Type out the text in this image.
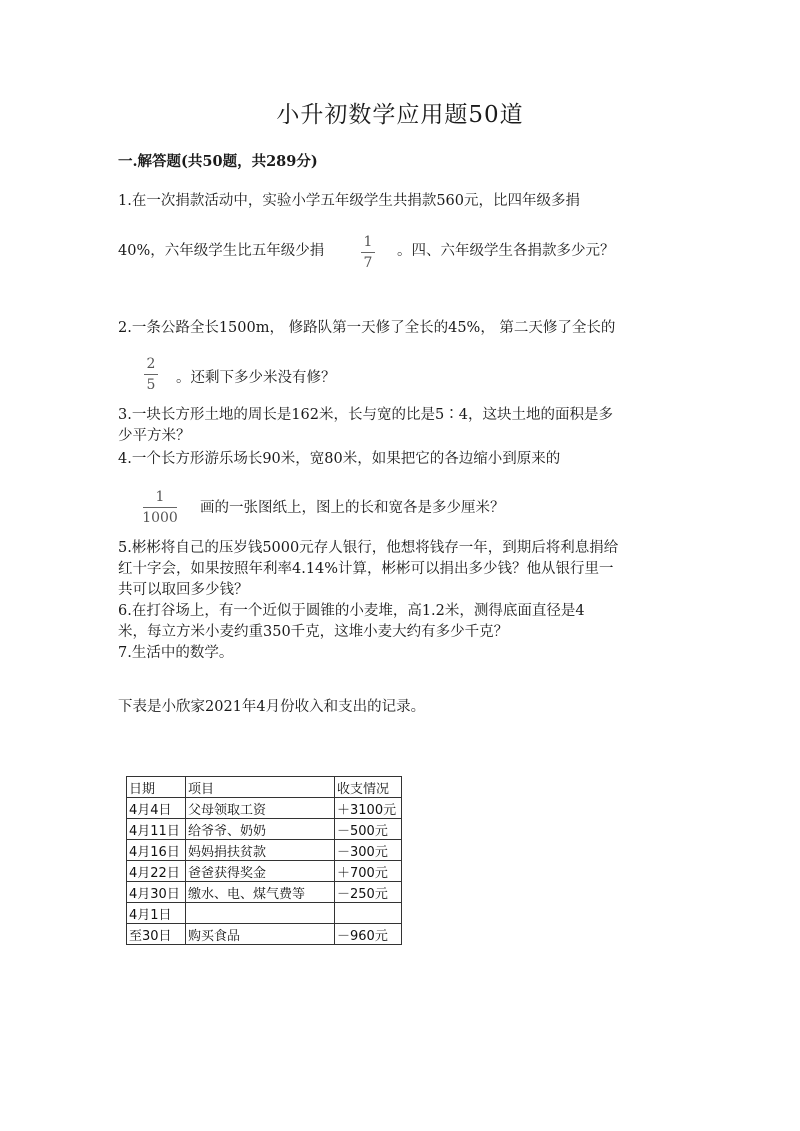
小升初数学应用题50道
一.解答题(共50题，共289分)
1.在一次捐款活动中，实验小学五年级学生共捐款560元，比四年级多捐
40%，六年级学生比五年级少捐
1
7
。四、六年级学生各捐款多少元？
2.一条公路全长1500m， 修路队第一天修了全长的45%， 第二天修了全长的
2
5 。还剩下多少米没有修？
3.一块长方形土地的周长是162米，长与宽的比是5∶4，这块土地的面积是多
少平方米？
4.一个长方形游乐场长90米，宽80米，如果把它的各边缩小到原来的
1
1000
画的一张图纸上，图上的长和宽各是多少厘米？
5.彬彬将自己的压岁钱5000元存人银行，他想将钱存一年，到期后将利息捐给
红十字会，如果按照年利率4.14%计算，彬彬可以捐出多少钱？他从银行里一
共可以取回多少钱？
6.在打谷场上，有一个近似于圆锥的小麦堆，高1.2米，测得底面直径是4
米，每立方米小麦约重350千克，这堆小麦大约有多少千克？
7.生活中的数学。
下表是小欣家2021年4月份收入和支出的记录。
日期	项目	收支情况
4月4日	父母领取工资	＋3100元
4月11日	给爷爷、奶奶	－500元
4月16日	妈妈捐扶贫款	－300元
4月22日	爸爸获得奖金	＋700元
4月30日	缴水、电、煤气费等	－250元
4月1日		
至30日	购买食品	－960元
